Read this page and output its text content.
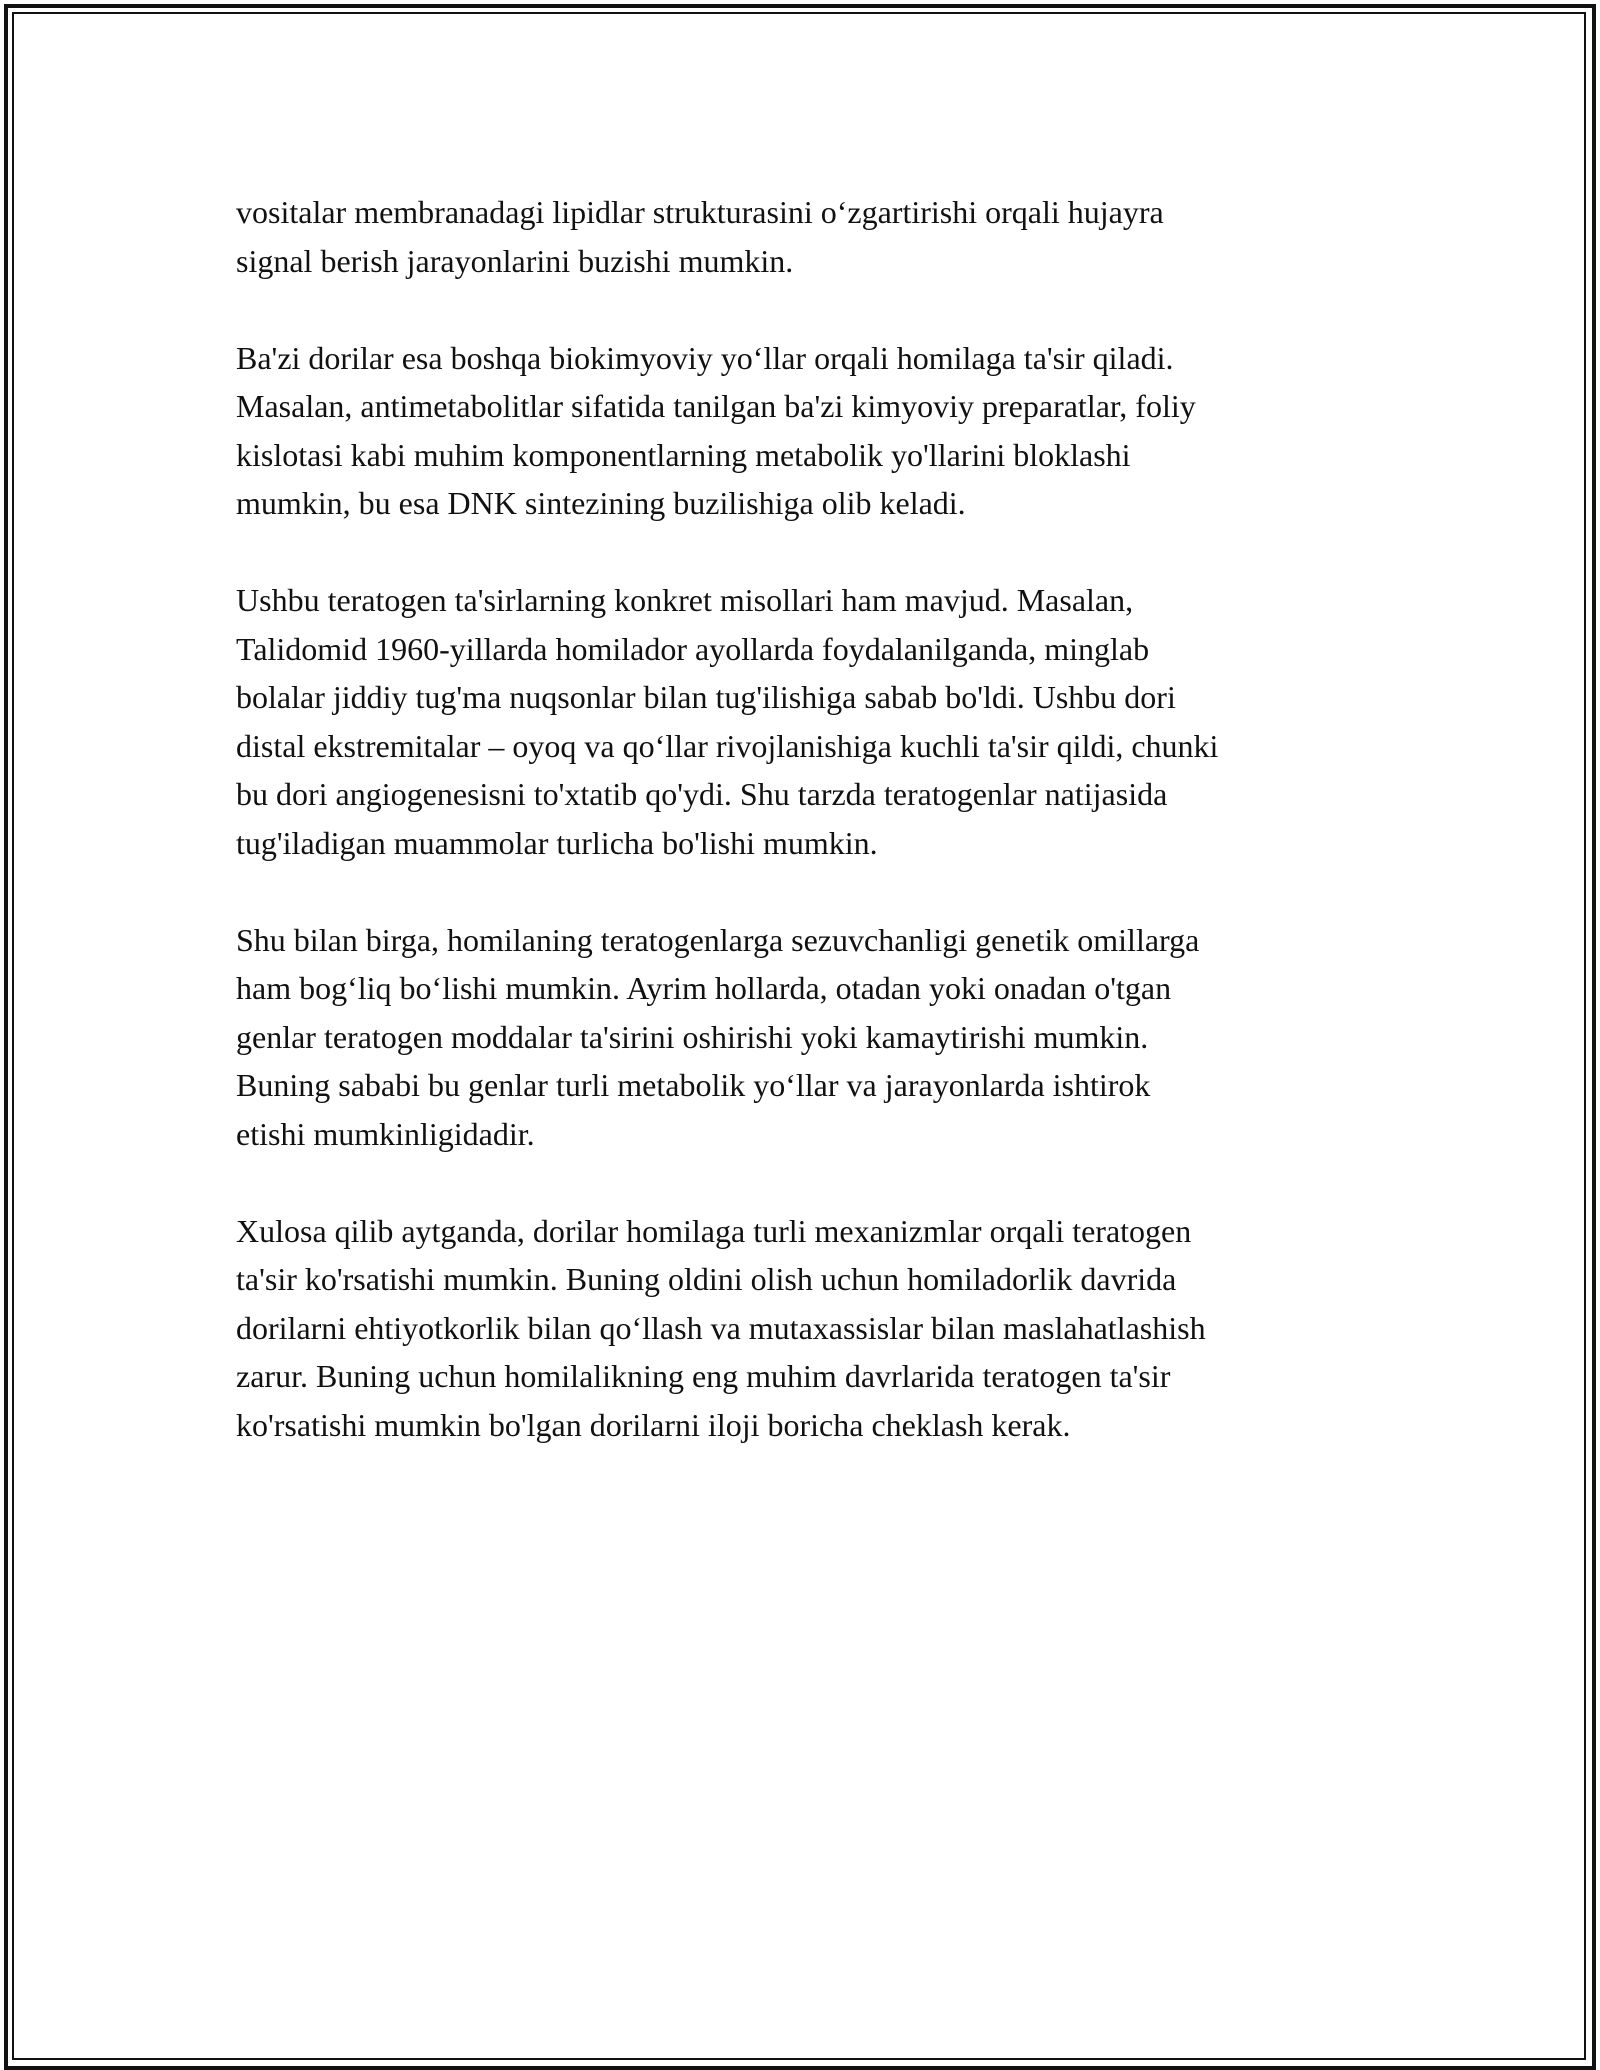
vositalar membranadagi lipidlar strukturasini o‘zgartirishi orqali hujayra
signal berish jarayonlarini buzishi mumkin.

Ba'zi dorilar esa boshqa biokimyoviy yo‘llar orqali homilaga ta'sir qiladi.
Masalan, antimetabolitlar sifatida tanilgan ba'zi kimyoviy preparatlar, foliy
kislotasi kabi muhim komponentlarning metabolik yo'llarini bloklashi
mumkin, bu esa DNK sintezining buzilishiga olib keladi.

Ushbu teratogen ta'sirlarning konkret misollari ham mavjud. Masalan,
Talidomid 1960-yillarda homilador ayollarda foydalanilganda, minglab
bolalar jiddiy tug'ma nuqsonlar bilan tug'ilishiga sabab bo'ldi. Ushbu dori
distal ekstremitalar – oyoq va qo‘llar rivojlanishiga kuchli ta'sir qildi, chunki
bu dori angiogenesisni to'xtatib qo'ydi. Shu tarzda teratogenlar natijasida
tug'iladigan muammolar turlicha bo'lishi mumkin.

Shu bilan birga, homilaning teratogenlarga sezuvchanligi genetik omillarga
ham bog‘liq bo‘lishi mumkin. Ayrim hollarda, otadan yoki onadan o'tgan
genlar teratogen moddalar ta'sirini oshirishi yoki kamaytirishi mumkin.
Buning sababi bu genlar turli metabolik yo‘llar va jarayonlarda ishtirok
etishi mumkinligidadir.

Xulosa qilib aytganda, dorilar homilaga turli mexanizmlar orqali teratogen
ta'sir ko'rsatishi mumkin. Buning oldini olish uchun homiladorlik davrida
dorilarni ehtiyotkorlik bilan qo‘llash va mutaxassislar bilan maslahatlashish
zarur. Buning uchun homilalikning eng muhim davrlarida teratogen ta'sir
ko'rsatishi mumkin bo'lgan dorilarni iloji boricha cheklash kerak.
